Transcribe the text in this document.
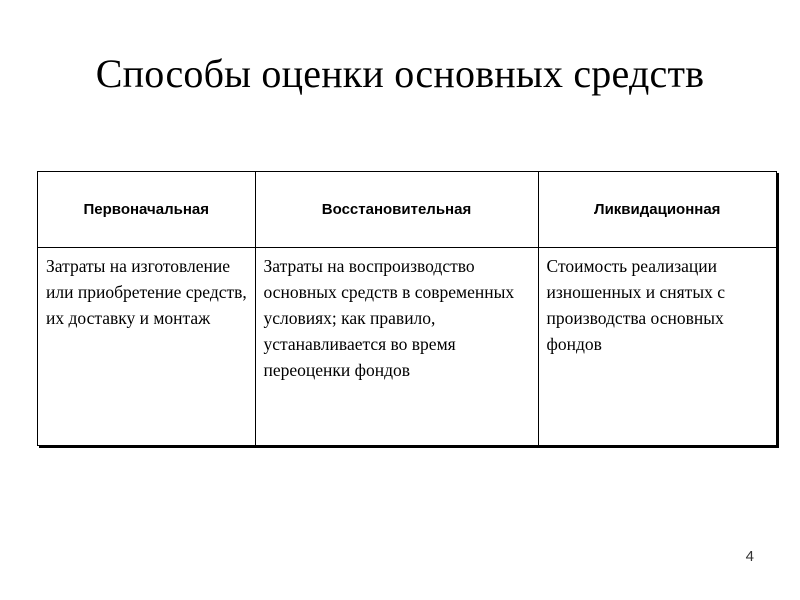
Способы оценки основных средств
Первоначальная	Восстановительная	Ликвидационная
Затраты на изготовление или приобретение средств, их доставку и монтаж	Затраты на воспроизводство основных средств в современных условиях; как правило, устанавливается во время переоценки фондов	Стоимость реализации изношенных и снятых с производства основных фондов
4
